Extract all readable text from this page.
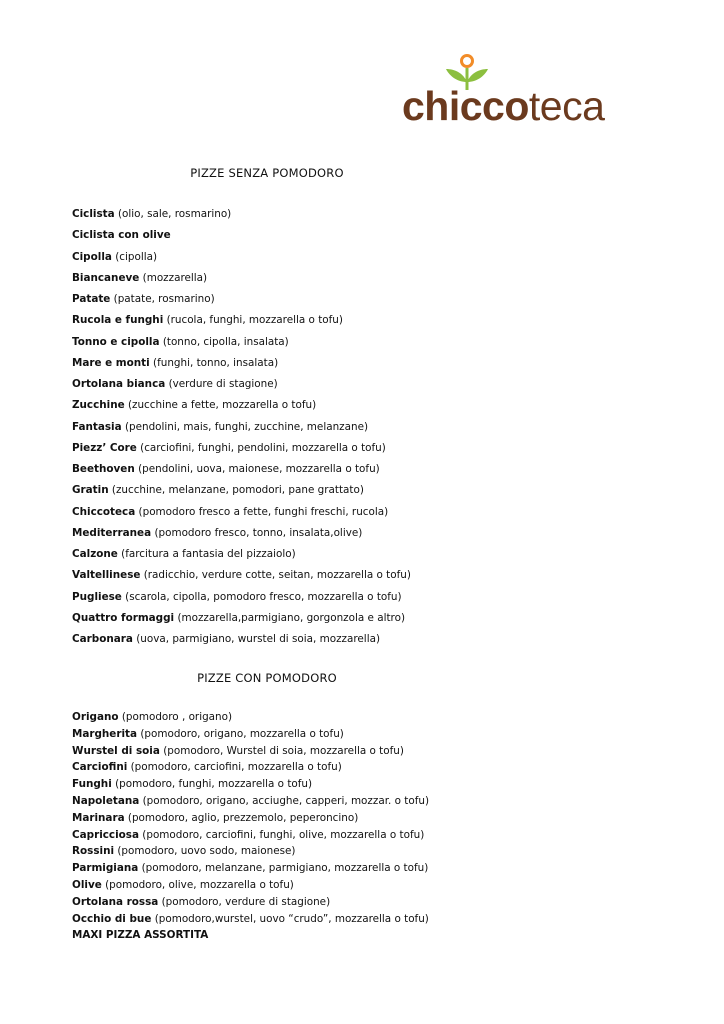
chiccoteca
PIZZE SENZA POMODORO
Ciclista (olio, sale, rosmarino)
Ciclista con olive
Cipolla (cipolla)
Biancaneve (mozzarella)
Patate (patate, rosmarino)
Rucola e funghi (rucola, funghi, mozzarella o tofu)
Tonno e cipolla (tonno, cipolla, insalata)
Mare e monti (funghi, tonno, insalata)
Ortolana bianca (verdure di stagione)
Zucchine (zucchine a fette, mozzarella o tofu)
Fantasia (pendolini, mais, funghi, zucchine, melanzane)
Piezz’ Core (carciofini, funghi, pendolini, mozzarella o tofu)
Beethoven (pendolini, uova, maionese, mozzarella o tofu)
Gratin (zucchine, melanzane, pomodori, pane grattato)
Chiccoteca (pomodoro fresco a fette, funghi freschi, rucola)
Mediterranea (pomodoro fresco, tonno, insalata,olive)
Calzone (farcitura a fantasia del pizzaiolo)
Valtellinese (radicchio, verdure cotte, seitan, mozzarella o tofu)
Pugliese (scarola, cipolla, pomodoro fresco, mozzarella o tofu)
Quattro formaggi (mozzarella,parmigiano, gorgonzola e altro)
Carbonara (uova, parmigiano, wurstel di soia, mozzarella)
PIZZE CON POMODORO
Origano (pomodoro , origano)
Margherita (pomodoro, origano, mozzarella o tofu)
Wurstel di soia (pomodoro, Wurstel di soia, mozzarella o tofu)
Carciofini (pomodoro, carciofini, mozzarella o tofu)
Funghi (pomodoro, funghi, mozzarella o tofu)
Napoletana (pomodoro, origano, acciughe, capperi, mozzar. o tofu)
Marinara (pomodoro, aglio, prezzemolo, peperoncino)
Capricciosa (pomodoro, carciofini, funghi, olive, mozzarella o tofu)
Rossini (pomodoro, uovo sodo, maionese)
Parmigiana (pomodoro, melanzane, parmigiano, mozzarella o tofu)
Olive (pomodoro, olive, mozzarella o tofu)
Ortolana rossa (pomodoro, verdure di stagione)
Occhio di bue (pomodoro,wurstel, uovo “crudo”, mozzarella o tofu)
MAXI PIZZA ASSORTITA
